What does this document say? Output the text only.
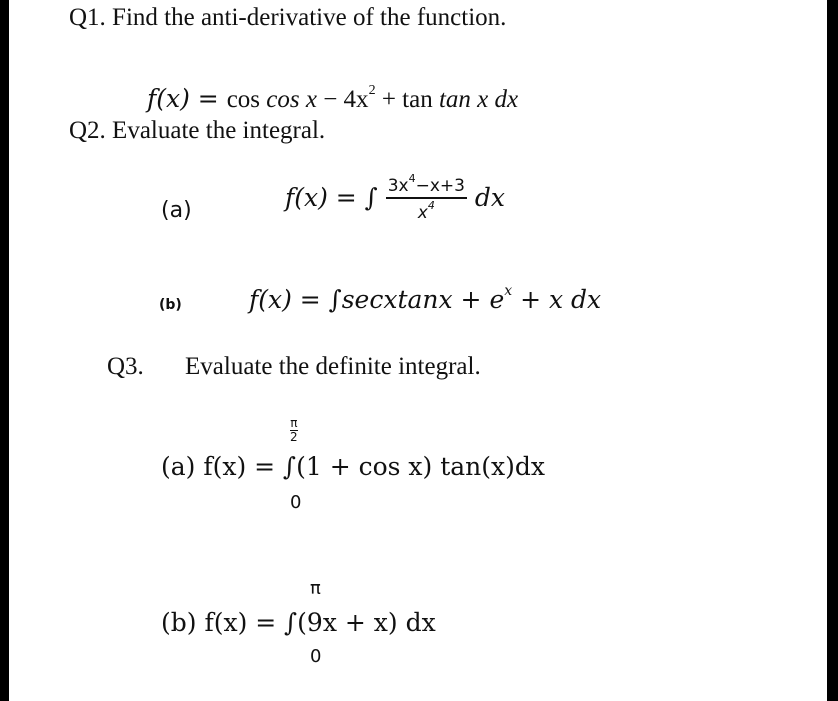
Q1. Find the anti-derivative of the function.
$f(x) = \cos \cos x - 4x^2 + \tan \tan x$ dx
Q2. Evaluate the integral.
(a)	f(x) = ∫ $\frac{3x^4-x+3}{x^4}$ dx
(b)	f(x) = ∫secxtanx + $e^x + x$ dx
Q3. Evaluate the definite integral.
$\frac{\pi}{2}$
(a) f(x) = ∫(1 + cos x) tan(x)dx
0
π
(b) f(x) = ∫(9x + x) dx
0
